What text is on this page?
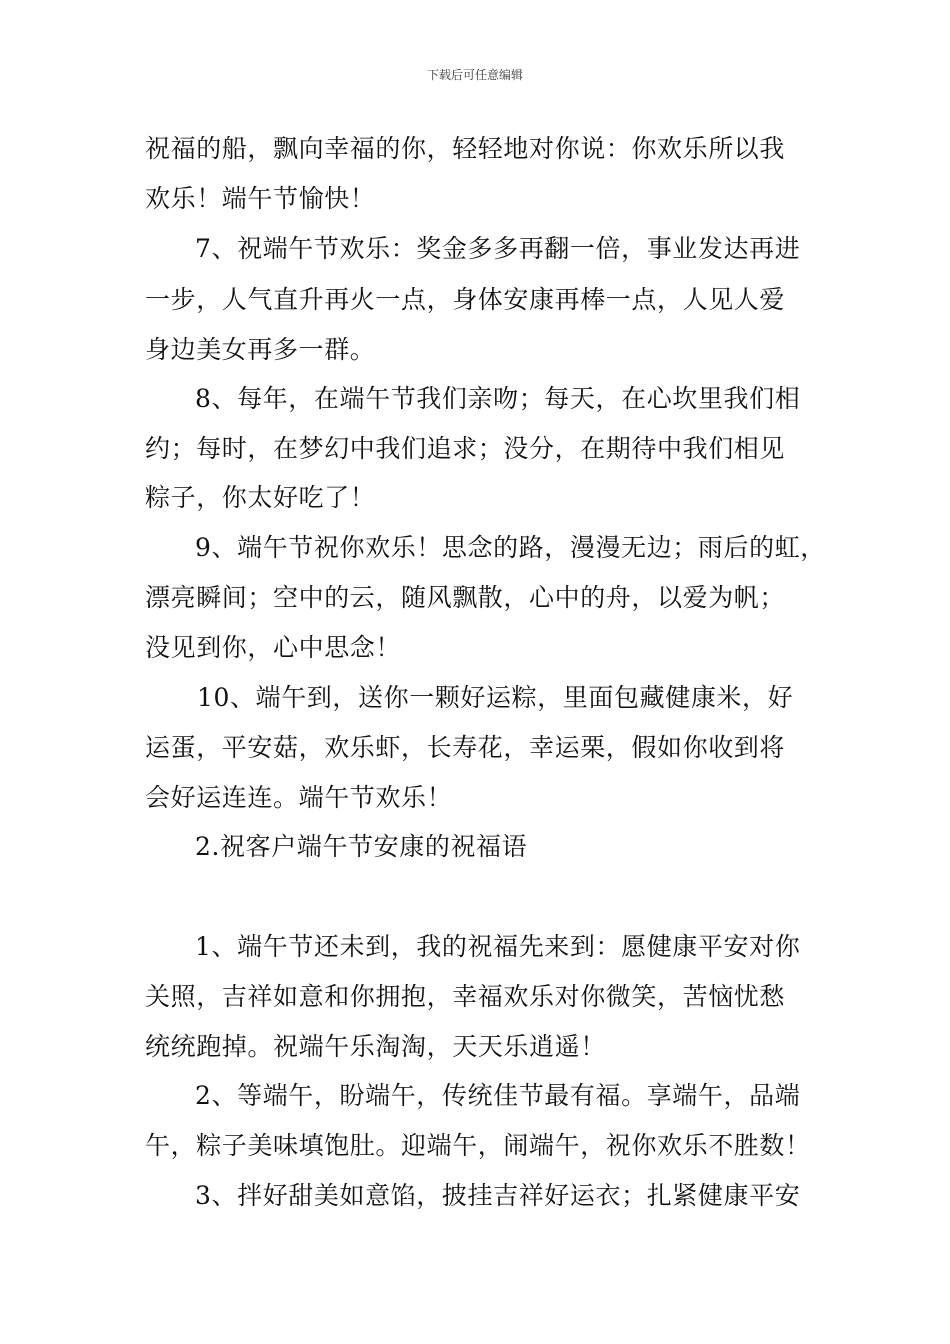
下载后可任意编辑
祝福的船，飘向幸福的你，轻轻地对你说：你欢乐所以我
欢乐！端午节愉快！
7、祝端午节欢乐：奖金多多再翻一倍，事业发达再进
一步，人气直升再火一点，身体安康再棒一点，人见人爱
身边美女再多一群。
8、每年，在端午节我们亲吻；每天，在心坎里我们相
约；每时，在梦幻中我们追求；没分，在期待中我们相见
粽子，你太好吃了！
9、端午节祝你欢乐！思念的路，漫漫无边；雨后的虹，
漂亮瞬间；空中的云，随风飘散，心中的舟，以爱为帆；
没见到你，心中思念！
10、端午到，送你一颗好运粽，里面包藏健康米，好
运蛋，平安菇，欢乐虾，长寿花，幸运栗，假如你收到将
会好运连连。端午节欢乐！
2.祝客户端午节安康的祝福语
1、端午节还未到，我的祝福先来到：愿健康平安对你
关照，吉祥如意和你拥抱，幸福欢乐对你微笑，苦恼忧愁
统统跑掉。祝端午乐淘淘，天天乐逍遥！
2、等端午，盼端午，传统佳节最有福。享端午，品端
午，粽子美味填饱肚。迎端午，闹端午，祝你欢乐不胜数！
3、拌好甜美如意馅，披挂吉祥好运衣；扎紧健康平安
